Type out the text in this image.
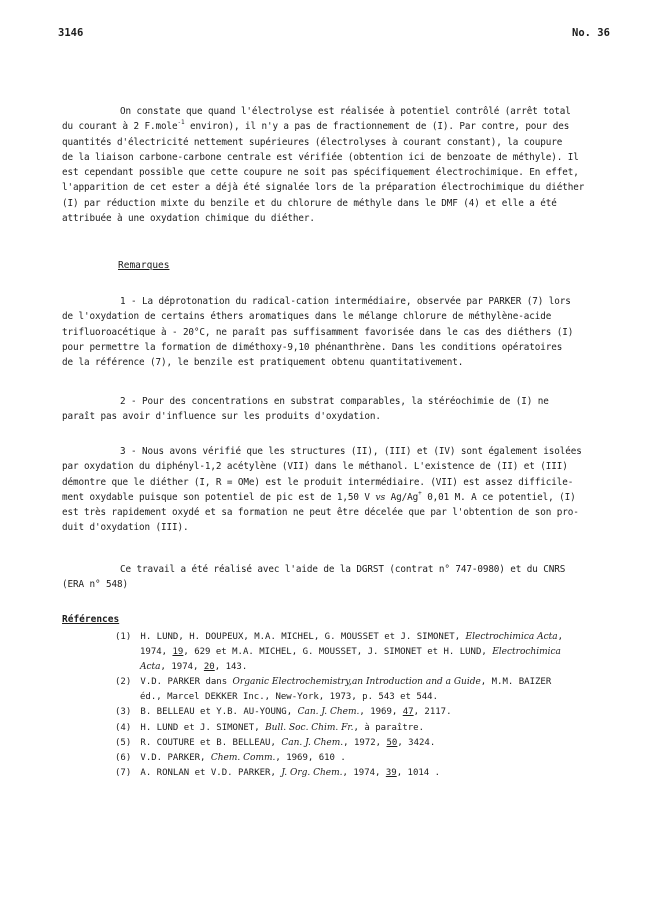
3146	No. 36
On constate que quand l'électrolyse est réalisée à potentiel contrôlé (arrêt total
du courant à 2 F.mole$^{-1}$ environ), il n'y a pas de fractionnement de (I). Par contre, pour des
quantités d'électricité nettement supérieures (électrolyses à courant constant), la coupure
de la liaison carbone-carbone centrale est vérifiée (obtention ici de benzoate de méthyle). Il
est cependant possible que cette coupure ne soit pas spécifiquement électrochimique. En effet,
l'apparition de cet ester a déjà été signalée lors de la préparation électrochimique du diéther
(I) par réduction mixte du benzile et du chlorure de méthyle dans le DMF (4) et elle a été
attribuée à une oxydation chimique du diéther.
Remarques
1 - La déprotonation du radical-cation intermédiaire, observée par PARKER (7) lors
de l'oxydation de certains éthers aromatiques dans le mélange chlorure de méthylène-acide
trifluoroacétique à - 20°C, ne paraît pas suffisamment favorisée dans le cas des diéthers (I)
pour permettre la formation de diméthoxy-9,10 phénanthrène. Dans les conditions opératoires
de la référence (7), le benzile est pratiquement obtenu quantitativement.
2 - Pour des concentrations en substrat comparables, la stéréochimie de (I) ne
paraît pas avoir d'influence sur les produits d'oxydation.
3 - Nous avons vérifié que les structures (II), (III) et (IV) sont également isolées
par oxydation du diphényl-1,2 acétylène (VII) dans le méthanol. L'existence de (II) et (III)
démontre que le diéther (I, R = OMe) est le produit intermédiaire. (VII) est assez difficile-
ment oxydable puisque son potentiel de pic est de 1,50 V vs Ag/Ag+ 0,01 M. A ce potentiel, (I)
est très rapidement oxydé et sa formation ne peut être décelée que par l'obtention de son pro-
duit d'oxydation (III).
Ce travail a été réalisé avec l'aide de la DGRST (contrat n° 747-0980) et du CNRS
(ERA n° 548)
Références
(1) H. LUND, H. DOUPEUX, M.A. MICHEL, G. MOUSSET et J. SIMONET, Electrochimica Acta,
1974, 19, 629 et M.A. MICHEL, G. MOUSSET, J. SIMONET et H. LUND, Electrochimica
Acta, 1974, 20, 143.
(2) V.D. PARKER dans Organic Electrochemistry,an Introduction and a Guide, M.M. BAIZER
éd., Marcel DEKKER Inc., New-York, 1973, p. 543 et 544.
(3) B. BELLEAU et Y.B. AU-YOUNG, Can. J. Chem., 1969, 47, 2117.
(4) H. LUND et J. SIMONET, Bull. Soc. Chim. Fr., à paraître.
(5) R. COUTURE et B. BELLEAU, Can. J. Chem., 1972, 50, 3424.
(6) V.D. PARKER, Chem. Comm., 1969, 610 .
(7) A. RONLAN et V.D. PARKER, J. Org. Chem., 1974, 39, 1014 .
